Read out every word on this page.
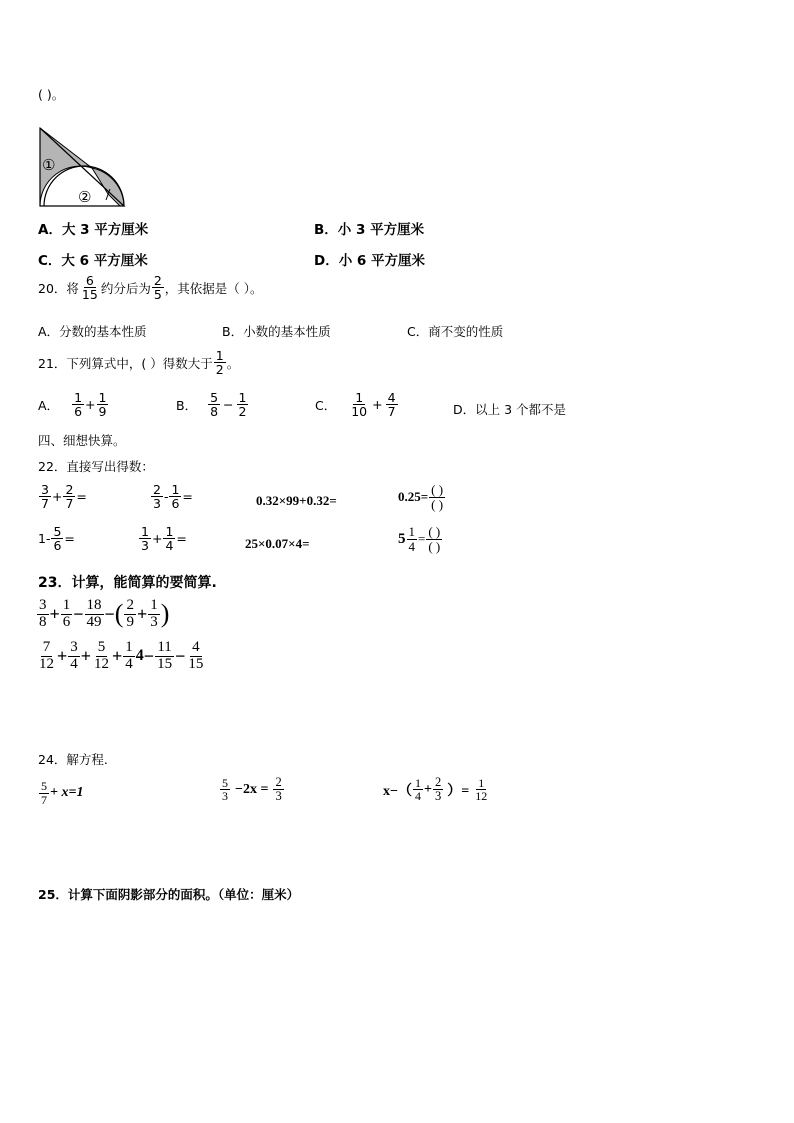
( )。
①
②
A．大 3 平方厘米	B．小 3 平方厘米
C．大 6 平方厘米	D．小 6 平方厘米
20．将 $\frac{6}{15}$ 约分后为 $\frac{2}{5}$ ，其依据是（ ）。
A．分数的基本性质	B．小数的基本性质	C．商不变的性质
21．下列算式中，( ）得数大于 $\frac{1}{2}$ 。
A． $\frac{1}{6} + \frac{1}{9}$	B． $\frac{5}{8} - \frac{1}{2}$	C． $\frac{1}{10} + \frac{4}{7}$	D．以上 3 个都不是
四、细想快算。
22．直接写出得数：
$\frac{3}{7} + \frac{2}{7}$ =	$\frac{2}{3} - \frac{1}{6}$ =	0.32×99+0.32=	$0.25= \frac{( )}{( )}$
$1- \frac{5}{6}$ =	$\frac{1}{3} + \frac{1}{4}$ =	25×0.07×4=	$5 \frac{1}{4} = \frac{( )}{( )}$
23．计算，能简算的要简算.
$\frac{3}{8} + \frac{1}{6} - \frac{18}{49}$ − ( $\frac{2}{9} + \frac{1}{3}$ )
$\frac{7}{12} + \frac{3}{4} + \frac{5}{12} + \frac{1}{4} 4 - \frac{11}{15} - \frac{4}{15}$
24．解方程.
$\frac{5}{7} + x=1$	$\frac{5}{3} -2x = \frac{2}{3}$	$x-( \frac{1}{4} + \frac{2}{3}$ ）= $\frac{1}{12}$
25．计算下面阴影部分的面积。（单位：厘米）
